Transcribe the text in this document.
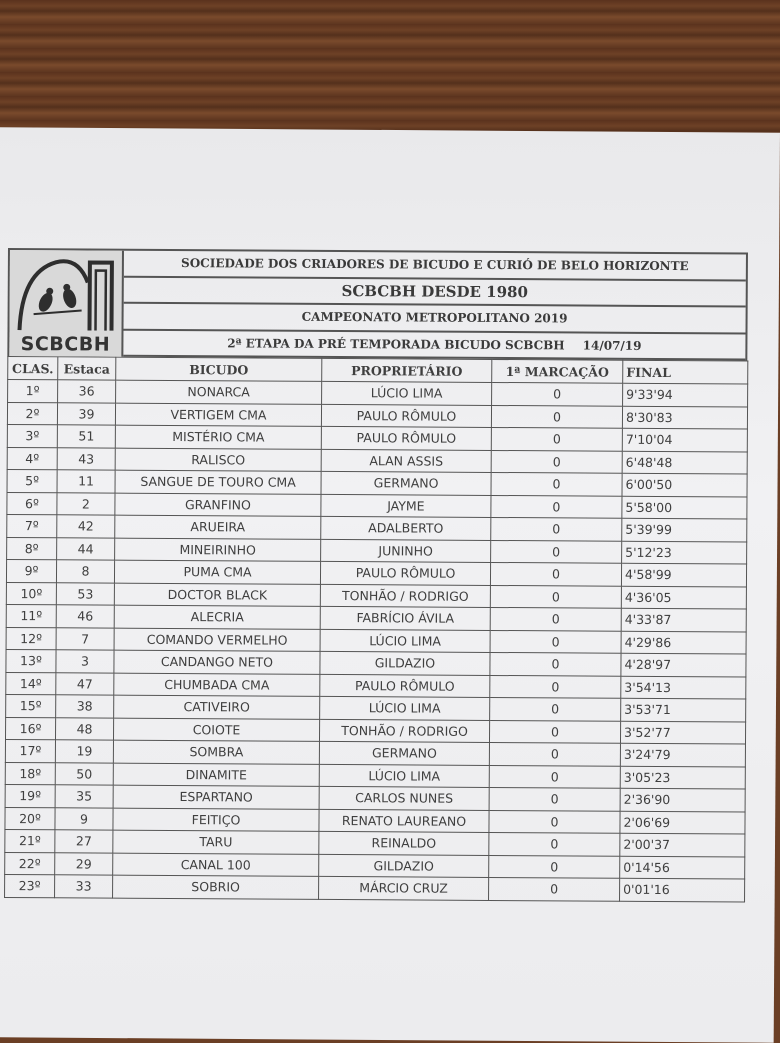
SCBCBH
SOCIEDADE DOS CRIADORES DE BICUDO E CURIÓ DE BELO HORIZONTE
SCBCBH DESDE 1980
CAMPEONATO METROPOLITANO 2019
2ª ETAPA DA PRÉ TEMPORADA BICUDO SCBCBH 14/07/19
CLAS.	Estaca	BICUDO	PROPRIETÁRIO	1ª MARCAÇÃO	FINAL
1º	36	NONARCA	LÚCIO LIMA	0	9'33'94
2º	39	VERTIGEM CMA	PAULO RÔMULO	0	8'30'83
3º	51	MISTÉRIO CMA	PAULO RÔMULO	0	7'10'04
4º	43	RALISCO	ALAN ASSIS	0	6'48'48
5º	11	SANGUE DE TOURO CMA	GERMANO	0	6'00'50
6º	2	GRANFINO	JAYME	0	5'58'00
7º	42	ARUEIRA	ADALBERTO	0	5'39'99
8º	44	MINEIRINHO	JUNINHO	0	5'12'23
9º	8	PUMA CMA	PAULO RÔMULO	0	4'58'99
10º	53	DOCTOR BLACK	TONHÃO / RODRIGO	0	4'36'05
11º	46	ALECRIA	FABRÍCIO ÁVILA	0	4'33'87
12º	7	COMANDO VERMELHO	LÚCIO LIMA	0	4'29'86
13º	3	CANDANGO NETO	GILDAZIO	0	4'28'97
14º	47	CHUMBADA CMA	PAULO RÔMULO	0	3'54'13
15º	38	CATIVEIRO	LÚCIO LIMA	0	3'53'71
16º	48	COIOTE	TONHÃO / RODRIGO	0	3'52'77
17º	19	SOMBRA	GERMANO	0	3'24'79
18º	50	DINAMITE	LÚCIO LIMA	0	3'05'23
19º	35	ESPARTANO	CARLOS NUNES	0	2'36'90
20º	9	FEITIÇO	RENATO LAUREANO	0	2'06'69
21º	27	TARU	REINALDO	0	2'00'37
22º	29	CANAL 100	GILDAZIO	0	0'14'56
23º	33	SOBRIO	MÁRCIO CRUZ	0	0'01'16
